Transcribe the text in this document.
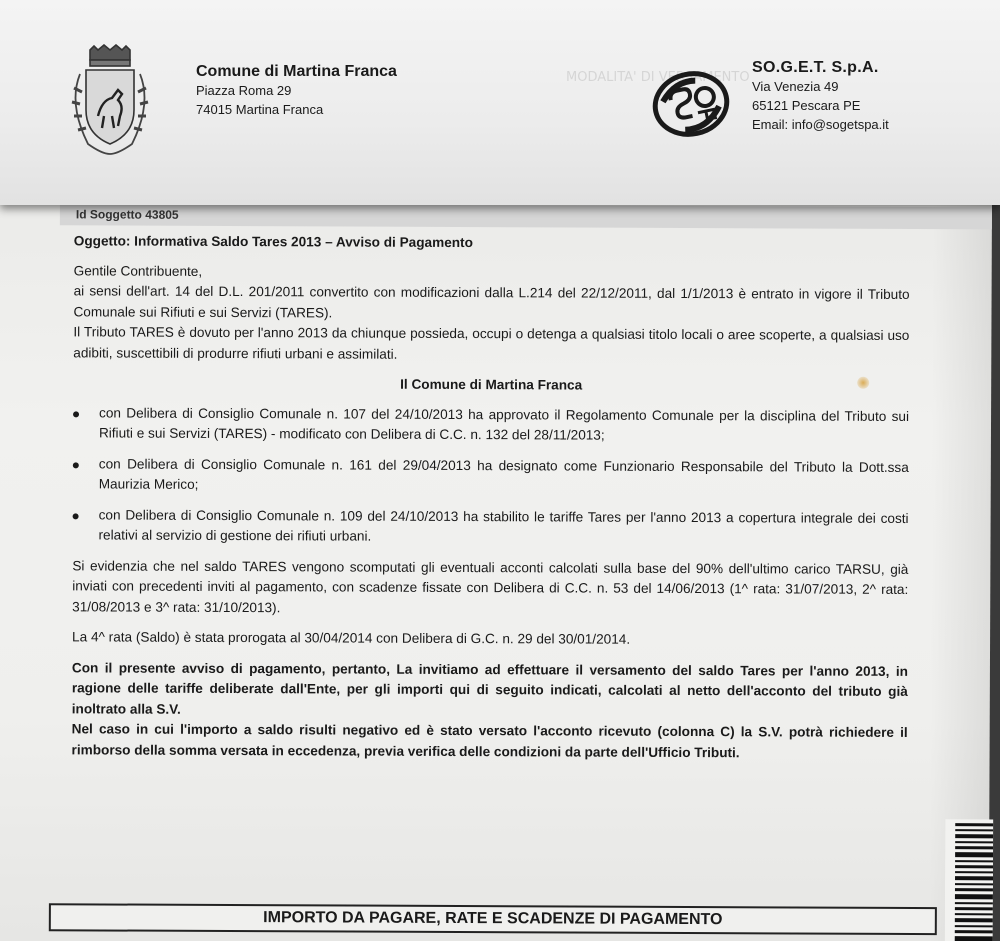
Id Soggetto 43805
Oggetto: Informativa Saldo Tares 2013 – Avviso di Pagamento

Gentile Contribuente,

ai sensi dell'art. 14 del D.L. 201/2011 convertito con modificazioni dalla L.214 del 22/12/2011, dal 1/1/2013 è entrato in vigore il Tributo Comunale sui Rifiuti e sui Servizi (TARES).

Il Tributo TARES è dovuto per l'anno 2013 da chiunque possieda, occupi o detenga a qualsiasi titolo locali o aree scoperte, a qualsiasi uso adibiti, suscettibili di produrre rifiuti urbani e assimilati.

Il Comune di Martina Franca
con Delibera di Consiglio Comunale n. 107 del 24/10/2013 ha approvato il Regolamento Comunale per la disciplina del Tributo sui Rifiuti e sui Servizi (TARES) - modificato con Delibera di C.C. n. 132 del 28/11/2013;
con Delibera di Consiglio Comunale n. 161 del 29/04/2013 ha designato come Funzionario Responsabile del Tributo la Dott.ssa Maurizia Merico;
con Delibera di Consiglio Comunale n. 109 del 24/10/2013 ha stabilito le tariffe Tares per l'anno 2013 a copertura integrale dei costi relativi al servizio di gestione dei rifiuti urbani.

Si evidenzia che nel saldo TARES vengono scomputati gli eventuali acconti calcolati sulla base del 90% dell'ultimo carico TARSU, già inviati con precedenti inviti al pagamento, con scadenze fissate con Delibera di C.C. n. 53 del 14/06/2013 (1^ rata: 31/07/2013, 2^ rata: 31/08/2013 e 3^ rata: 31/10/2013).

La 4^ rata (Saldo) è stata prorogata al 30/04/2014 con Delibera di G.C. n. 29 del 30/01/2014.

Con il presente avviso di pagamento, pertanto, La invitiamo ad effettuare il versamento del saldo Tares per l'anno 2013, in ragione delle tariffe deliberate dall'Ente, per gli importi qui di seguito indicati, calcolati al netto dell'acconto del tributo già inoltrato alla S.V.

Nel caso in cui l'importo a saldo risulti negativo ed è stato versato l'acconto ricevuto (colonna C) la S.V. potrà richiedere il rimborso della somma versata in eccedenza, previa verifica delle condizioni da parte dell'Ufficio Tributi.

IMPORTO DA PAGARE, RATE E SCADENZE DI PAGAMENTO
MODALITA' DI VERSAMENTO
Comune di Martina Franca
Piazza Roma 29
74015 Martina Franca
SO.G.E.T. S.p.A.
Via Venezia 49
65121 Pescara PE
Email: info@sogetspa.it
